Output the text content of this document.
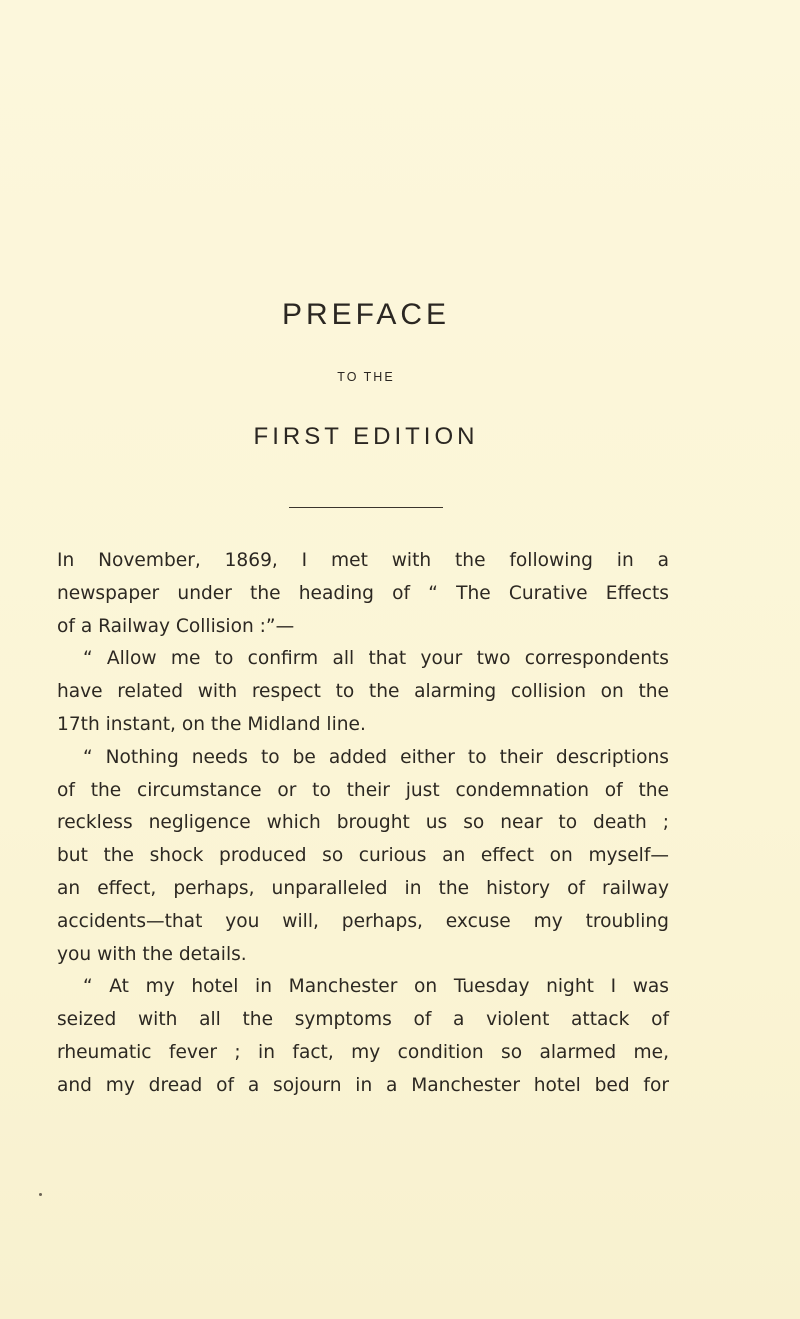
PREFACE
TO THE
FIRST EDITION
In November, 1869, I met with the following in a
newspaper under the heading of “ The Curative Effects
of a Railway Collision :”—
“ Allow me to confirm all that your two correspondents
have related with respect to the alarming collision on the
17th instant, on the Midland line.
“ Nothing needs to be added either to their descriptions
of the circumstance or to their just condemnation of the
reckless negligence which brought us so near to death ;
but the shock produced so curious an effect on myself—
an effect, perhaps, unparalleled in the history of railway
accidents—that you will, perhaps, excuse my troubling
you with the details.
“ At my hotel in Manchester on Tuesday night I was
seized with all the symptoms of a violent attack of
rheumatic fever ; in fact, my condition so alarmed me,
and my dread of a sojourn in a Manchester hotel bed for
